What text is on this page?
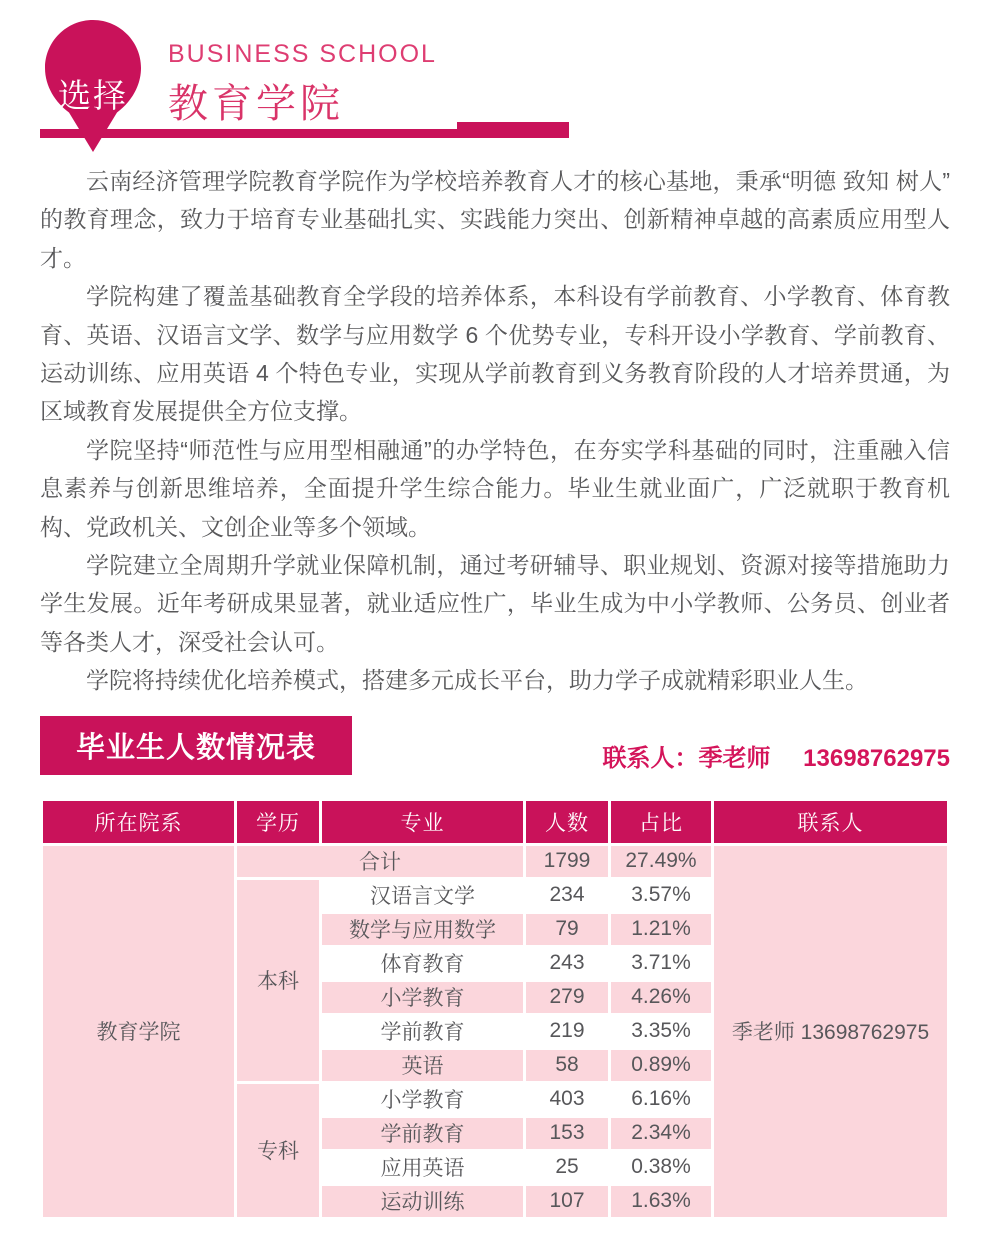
选择
BUSINESS SCHOOL
教育学院

云南经济管理学院教育学院作为学校培养教育人才的核心基地，秉承“明德 致知 树人”的教育理念，致力于培育专业基础扎实、实践能力突出、创新精神卓越的高素质应用型人才。

学院构建了覆盖基础教育全学段的培养体系，本科设有学前教育、小学教育、体育教育、英语、汉语言文学、数学与应用数学 6 个优势专业，专科开设小学教育、学前教育、运动训练、应用英语 4 个特色专业，实现从学前教育到义务教育阶段的人才培养贯通，为区域教育发展提供全方位支撑。

学院坚持“师范性与应用型相融通”的办学特色，在夯实学科基础的同时，注重融入信息素养与创新思维培养，全面提升学生综合能力。毕业生就业面广，广泛就职于教育机构、党政机关、文创企业等多个领域。

学院建立全周期升学就业保障机制，通过考研辅导、职业规划、资源对接等措施助力学生发展。近年考研成果显著，就业适应性广，毕业生成为中小学教师、公务员、创业者等各类人才，深受社会认可。

学院将持续优化培养模式，搭建多元成长平台，助力学子成就精彩职业人生。

毕业生人数情况表	联系人：季老师 13698762975
所在院系	学历	专业	人数	占比	联系人
教育学院	合计		1799	27.49%	季老师 13698762975
	本科	汉语言文学	234	3.57%	
		数学与应用数学	79	1.21%	
		体育教育	243	3.71%	
		小学教育	279	4.26%	
		学前教育	219	3.35%	
		英语	58	0.89%	
	专科	小学教育	403	6.16%	
		学前教育	153	2.34%	
		应用英语	25	0.38%	
		运动训练	107	1.63%	
